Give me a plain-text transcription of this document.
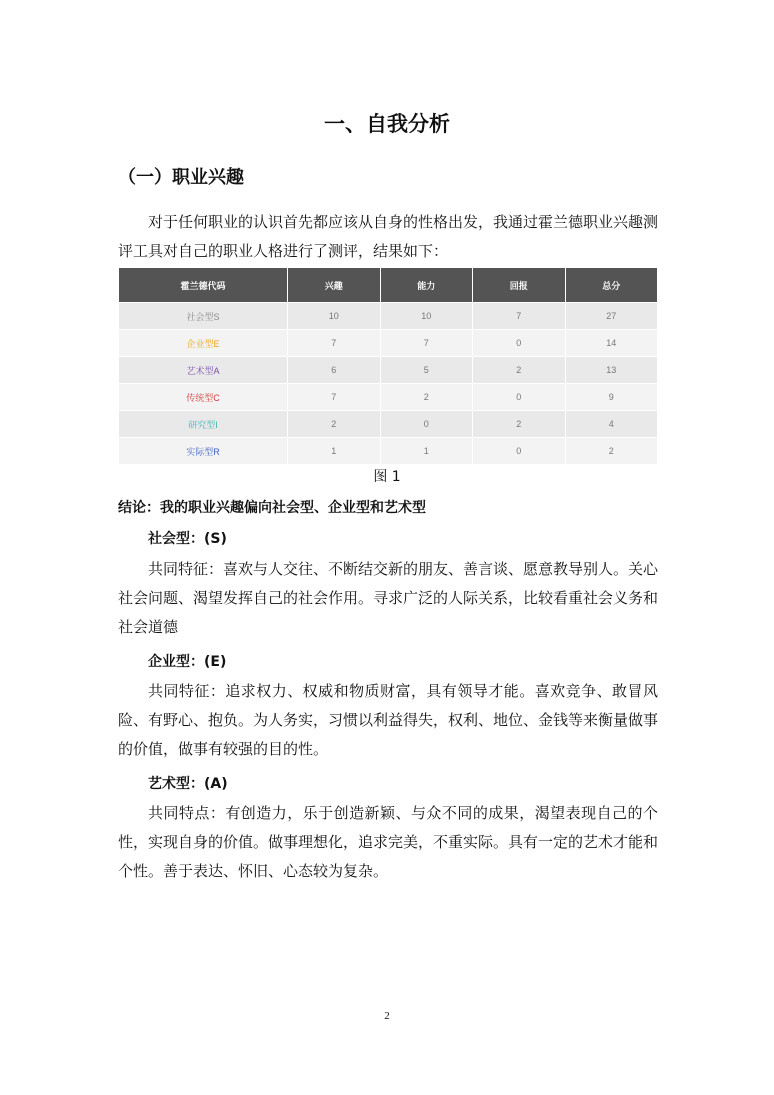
一、自我分析
（一）职业兴趣
对于任何职业的认识首先都应该从自身的性格出发，我通过霍兰德职业兴趣测评工具对自己的职业人格进行了测评，结果如下：
霍兰德代码	兴趣	能力	回报	总分
社会型S	10	10	7	27
企业型E	7	7	0	14
艺术型A	6	5	2	13
传统型C	7	2	0	9
研究型I	2	0	2	4
实际型R	1	1	0	2
图 1
结论：我的职业兴趣偏向社会型、企业型和艺术型
社会型：(S)
共同特征：喜欢与人交往、不断结交新的朋友、善言谈、愿意教导别人。关心社会问题、渴望发挥自己的社会作用。寻求广泛的人际关系，比较看重社会义务和社会道德
企业型：(E)
共同特征：追求权力、权威和物质财富，具有领导才能。喜欢竞争、敢冒风险、有野心、抱负。为人务实，习惯以利益得失，权利、地位、金钱等来衡量做事的价值，做事有较强的目的性。
艺术型：(A)
共同特点：有创造力，乐于创造新颖、与众不同的成果，渴望表现自己的个性，实现自身的价值。做事理想化，追求完美，不重实际。具有一定的艺术才能和个性。善于表达、怀旧、心态较为复杂。
2
